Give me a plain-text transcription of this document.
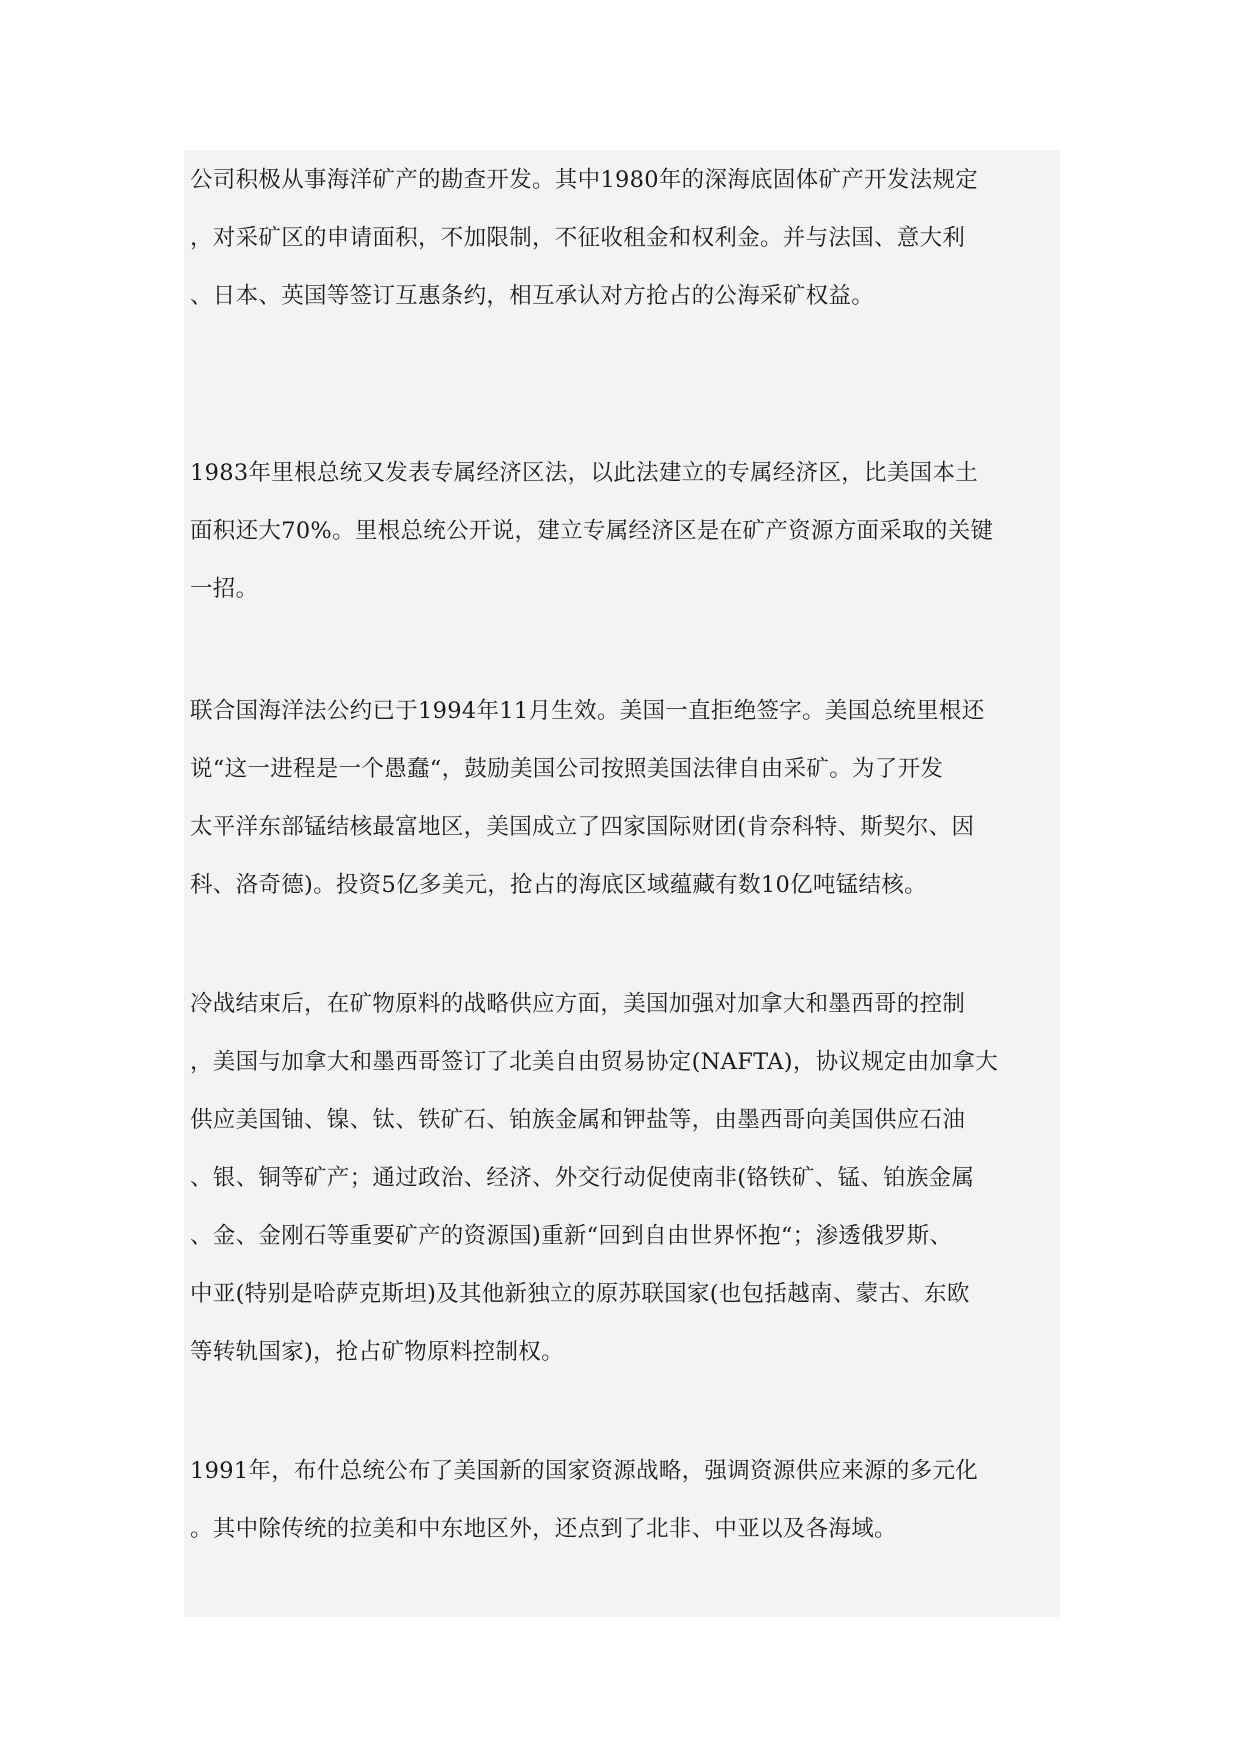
公司积极从事海洋矿产的勘查开发。其中1980年的深海底固体矿产开发法规定
，对采矿区的申请面积，不加限制，不征收租金和权利金。并与法国、意大利
、日本、英国等签订互惠条约，相互承认对方抢占的公海采矿权益。

1983年里根总统又发表专属经济区法，以此法建立的专属经济区，比美国本土
面积还大70%。里根总统公开说，建立专属经济区是在矿产资源方面采取的关键
一招。

联合国海洋法公约已于1994年11月生效。美国一直拒绝签字。美国总统里根还
说“这一进程是一个愚蠢“，鼓励美国公司按照美国法律自由采矿。为了开发
太平洋东部锰结核最富地区，美国成立了四家国际财团(肯奈科特、斯契尔、因
科、洛奇德)。投资5亿多美元，抢占的海底区域蕴藏有数10亿吨锰结核。

冷战结束后，在矿物原料的战略供应方面，美国加强对加拿大和墨西哥的控制
，美国与加拿大和墨西哥签订了北美自由贸易协定(NAFTA)，协议规定由加拿大
供应美国铀、镍、钛、铁矿石、铂族金属和钾盐等，由墨西哥向美国供应石油
、银、铜等矿产；通过政治、经济、外交行动促使南非(铬铁矿、锰、铂族金属
、金、金刚石等重要矿产的资源国)重新“回到自由世界怀抱“；渗透俄罗斯、
中亚(特别是哈萨克斯坦)及其他新独立的原苏联国家(也包括越南、蒙古、东欧
等转轨国家)，抢占矿物原料控制权。

1991年，布什总统公布了美国新的国家资源战略，强调资源供应来源的多元化
。其中除传统的拉美和中东地区外，还点到了北非、中亚以及各海域。
